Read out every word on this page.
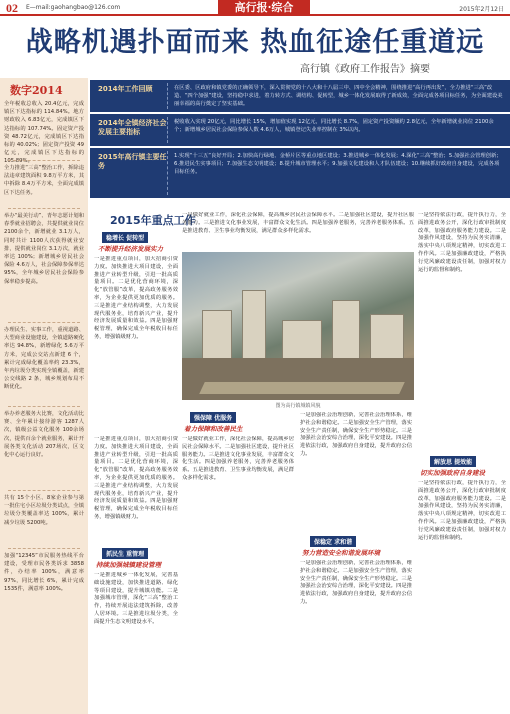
02 E—mail:gaohangbao@126.com	高行报·综合	2015年2月12日
战略机遇扑面而来 热血征途任重道远
高行镇《政府工作报告》摘要
数字2014
全年税收总收入 20.4亿元，完成镇区下达指标的 114.84%。地方财政收入 6.83亿元，完成镇区下达指标的 107.74%。固定资产投资 48.72亿元，完成镇区下达指标的 40.02%；固定资产投资 49亿元，完成镇区下达指标的 105.89%。
全力推进“三高”整治工作，拆除违法违章建筑面积 9.8万平方米，其中拆除 8.4万平方米，全面完成镇区下达任务。
举办“最美行动”、青年志愿计划和春季就业招聘会，共提供就业岗位 2100余个，新增就业 3.1万人，同时共计 1100人次获得就业安排，提供就业岗位 3.1万次，就业率达 100%；新增城乡居民社会保险 4.6万人，社会保障参保率达 95%，全年城乡居民社会保险参保率稳步提高。
办理民生、实事工作，重视道路、大型商业设施建设，全镇道路硬化率达 94.8%，新增绿化 5.6万平方米，完成公交站点新建 6 个，累计完成绿化覆盖率约 23.3%，年内垃圾分类实现全镇覆盖，新建公交线路 2 条，城乡规划布局不断优化。
举办养老服务大比赛，文化活动比赛、全年累计接待游客 1287人次，镇级公益文化服务 100余场次，提供百余个就业服务，累计开展各类文化活动 207场次，区文化中心运行良好。
共有 15个小区、8家企业参与第一批住宅小区垃圾分类试点，全镇垃圾分类覆盖率达 100%，累计减少垃圾 5200吨。
加强“12345”市民服务热线平台建设，受理市民各类诉求 3858件，办结率 100%，满意率 97%，同比增长 6%，累计完成 1535件，满意率 100%。
2014年工作回顾	在区委、区政府和镇党委的正确领导下，深入贯彻党的十八大和十八届三中、四中全会精神，围绕推进“高行再出发”，全力推进“三高”改造、“四个加强”建设，坚持稳中求进，着力转方式、调结构、促转型，城乡一体化发展取得了新成效，全面完成各项目标任务，为全面建设美丽幸福的高行奠定了坚实基础。
2014年全镇经济社会发展主要指标
税收收入实现 20亿元，同比增长 15%，增加值实现 12亿元，同比增长 8.7%，固定资产投资额约 2.8亿元，全年新增就业岗位 2100余个；新增城乡居民社会保险参保人数 4.6万人，城镇登记失业率控制在 3%以内。
2015年高行镇主要任务
1.实现“十三五”良好开局；2.加快高行绿地、金桥片区等重点地区建设；3.推进城乡一体化发展；4.深化“三高”整治；5.加强社会管理创新；6.推进民生实事项目；7.加强生态文明建设；8.提升城市管理水平；9.加强文化建设和人才队伍建设；10.继续抓好政府自身建设，完成各项目标任务。
2015年重点工作
稳增长 促转型
不断提升经济发展实力
一是推进重点项目，加大招商引资力度。加快推进大项目建设，全面推进产业转型升级，引进一批高质量项目。二是优化营商环境，深化“放管服”改革，提高政务服务效率，为企业提供更加优质的服务。三是推进产业结构调整，大力发展现代服务业，培育新兴产业，提升经济发展质量和效益。四是加强财税管理，确保完成全年税收目标任务，增强镇级财力。
抓民生 重管理
持续加强城镇建设管理
一是推进城乡一体化发展，完善基础设施建设，加快推进道路、绿化等项目建设，提升城镇功能。二是加强城市管理，深化“三高”整治工作，持续开展违法建筑拆除，改善人居环境。三是推进垃圾分类，全面提升生态文明建设水平。
一是推进重点项目，加大招商引资力度。加快推进大项目建设，全面推进产业转型升级，引进一批高质量项目。二是优化营商环境，深化“放管服”改革，提高政务服务效率，为企业提供更加优质的服务。三是推进产业结构调整，大力发展现代服务业，培育新兴产业，提升经济发展质量和效益。四是加强财税管理，确保完成全年税收目标任务，增强镇级财力。
一是做好就业工作，深化社会保障，提高城乡居民社会保障水平。二是加强社区建设，提升社区服务能力。三是推进文化事业发展，丰富群众文化生活。四是加强养老服务，完善养老服务体系。五是推进教育、卫生事业均衡发展，满足群众多样化需求。
图为高行镇城镇风貌
强保障 优服务
着力保障和改善民生
一是做好就业工作，深化社会保障，提高城乡居民社会保障水平。二是加强社区建设，提升社区服务能力。三是推进文化事业发展，丰富群众文化生活。四是加强养老服务，完善养老服务体系。五是推进教育、卫生事业均衡发展，满足群众多样化需求。
一是加强社会治理创新，完善社会治理体系，维护社会和谐稳定。二是加强安全生产管理，落实安全生产责任制，确保安全生产形势稳定。三是加强社会治安综合治理，深化平安建设。四是推进依法行政，加强政府自身建设，提升政府公信力。
保稳定 求和谐
努力营造安全和谐发展环境
一是加强社会治理创新，完善社会治理体系，维护社会和谐稳定。二是加强安全生产管理，落实安全生产责任制，确保安全生产形势稳定。三是加强社会治安综合治理，深化平安建设。四是推进依法行政，加强政府自身建设，提升政府公信力。
一是坚持依法行政，提升执行力，全面推进政务公开，深化行政审批制度改革，加强政府服务能力建设。二是加强作风建设，坚持为民务实清廉，落实中央八项规定精神，切实改进工作作风。三是加强廉政建设，严格执行党风廉政建设责任制，加强对权力运行的监督和制约。
解放思 提效能
切实加强政府自身建设
一是坚持依法行政，提升执行力，全面推进政务公开，深化行政审批制度改革，加强政府服务能力建设。二是加强作风建设，坚持为民务实清廉，落实中央八项规定精神，切实改进工作作风。三是加强廉政建设，严格执行党风廉政建设责任制，加强对权力运行的监督和制约。
